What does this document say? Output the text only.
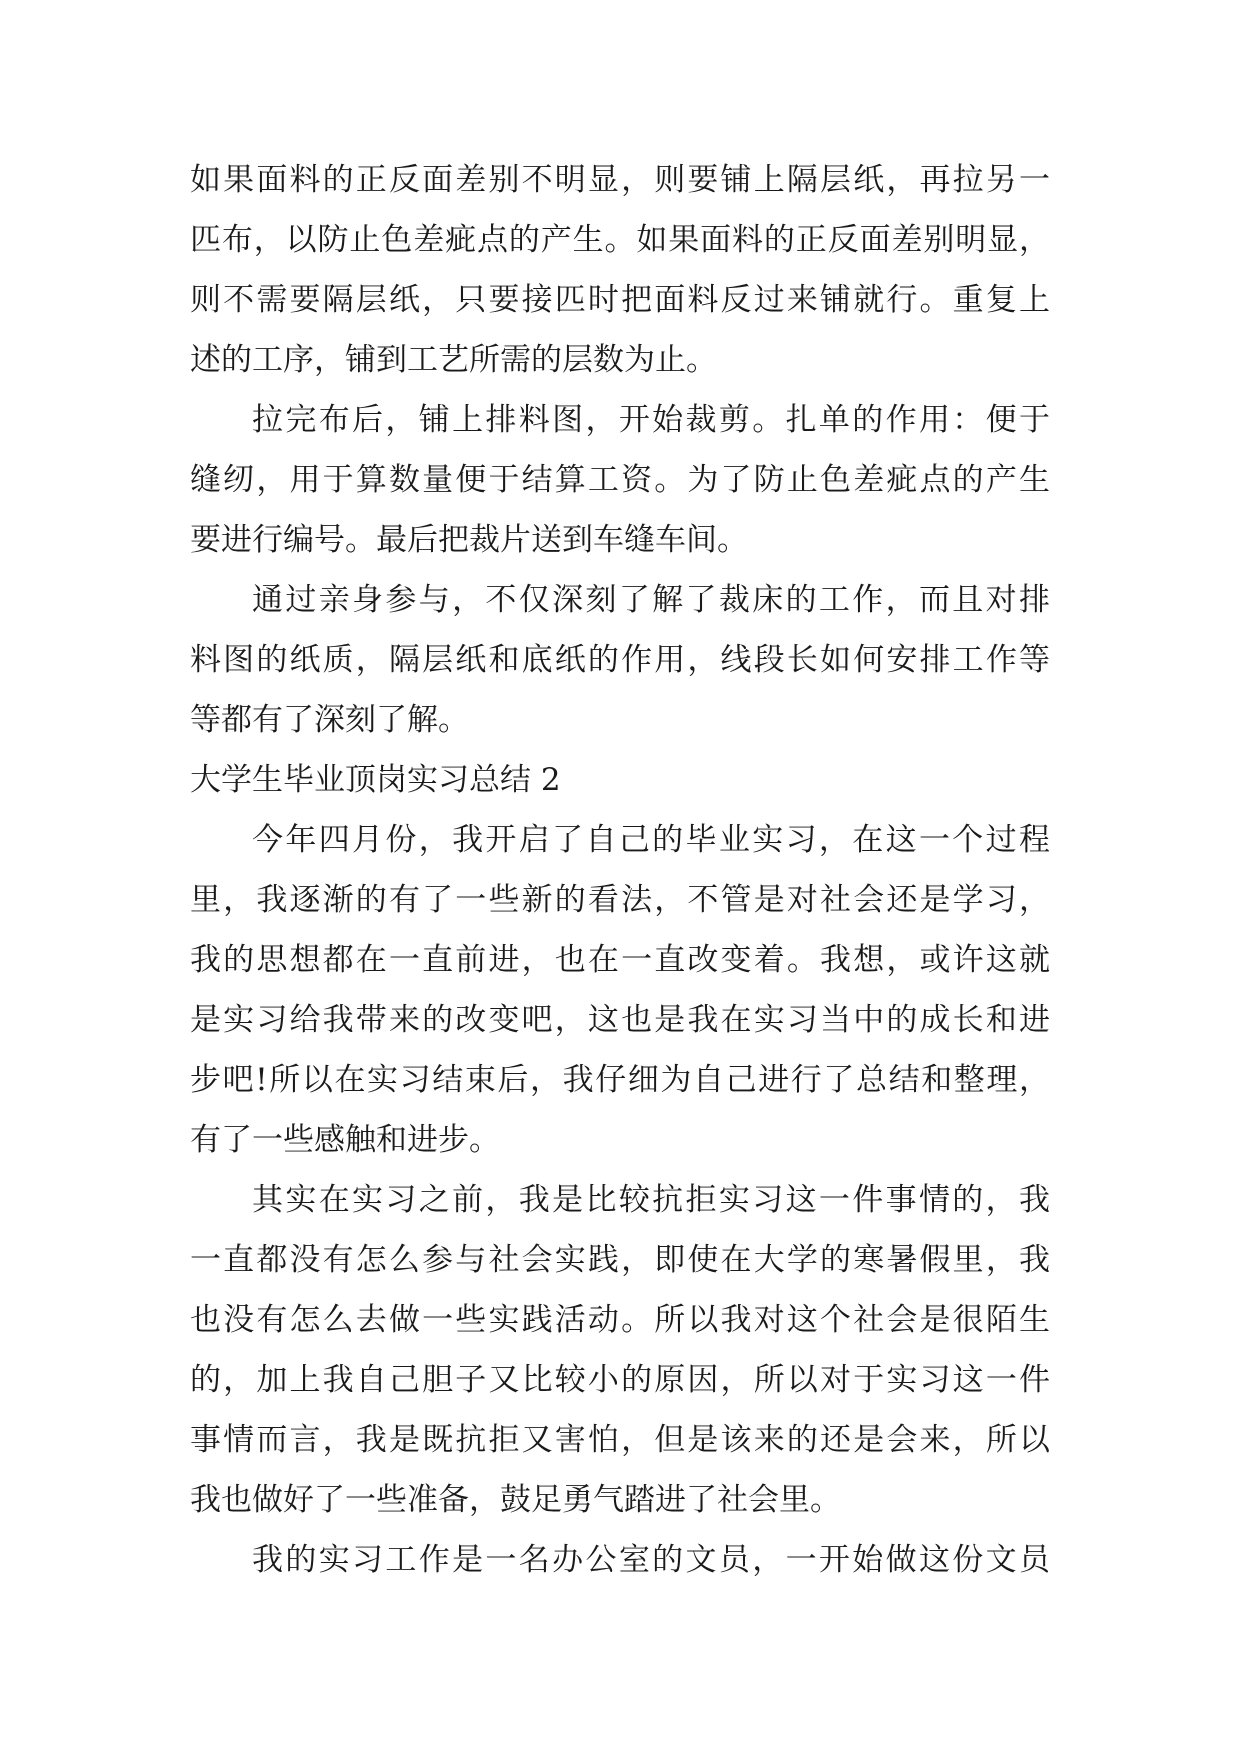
如果面料的正反面差别不明显，则要铺上隔层纸，再拉另一
匹布，以防止色差疵点的产生。如果面料的正反面差别明显，
则不需要隔层纸，只要接匹时把面料反过来铺就行。重复上
述的工序，铺到工艺所需的层数为止。
拉完布后，铺上排料图，开始裁剪。扎单的作用：便于
缝纫，用于算数量便于结算工资。为了防止色差疵点的产生
要进行编号。最后把裁片送到车缝车间。
通过亲身参与，不仅深刻了解了裁床的工作，而且对排
料图的纸质，隔层纸和底纸的作用，线段长如何安排工作等
等都有了深刻了解。
大学生毕业顶岗实习总结 2
今年四月份，我开启了自己的毕业实习，在这一个过程
里，我逐渐的有了一些新的看法，不管是对社会还是学习，
我的思想都在一直前进，也在一直改变着。我想，或许这就
是实习给我带来的改变吧，这也是我在实习当中的成长和进
步吧!所以在实习结束后，我仔细为自己进行了总结和整理，
有了一些感触和进步。
其实在实习之前，我是比较抗拒实习这一件事情的，我
一直都没有怎么参与社会实践，即使在大学的寒暑假里，我
也没有怎么去做一些实践活动。所以我对这个社会是很陌生
的，加上我自己胆子又比较小的原因，所以对于实习这一件
事情而言，我是既抗拒又害怕，但是该来的还是会来，所以
我也做好了一些准备，鼓足勇气踏进了社会里。
我的实习工作是一名办公室的文员，一开始做这份文员
